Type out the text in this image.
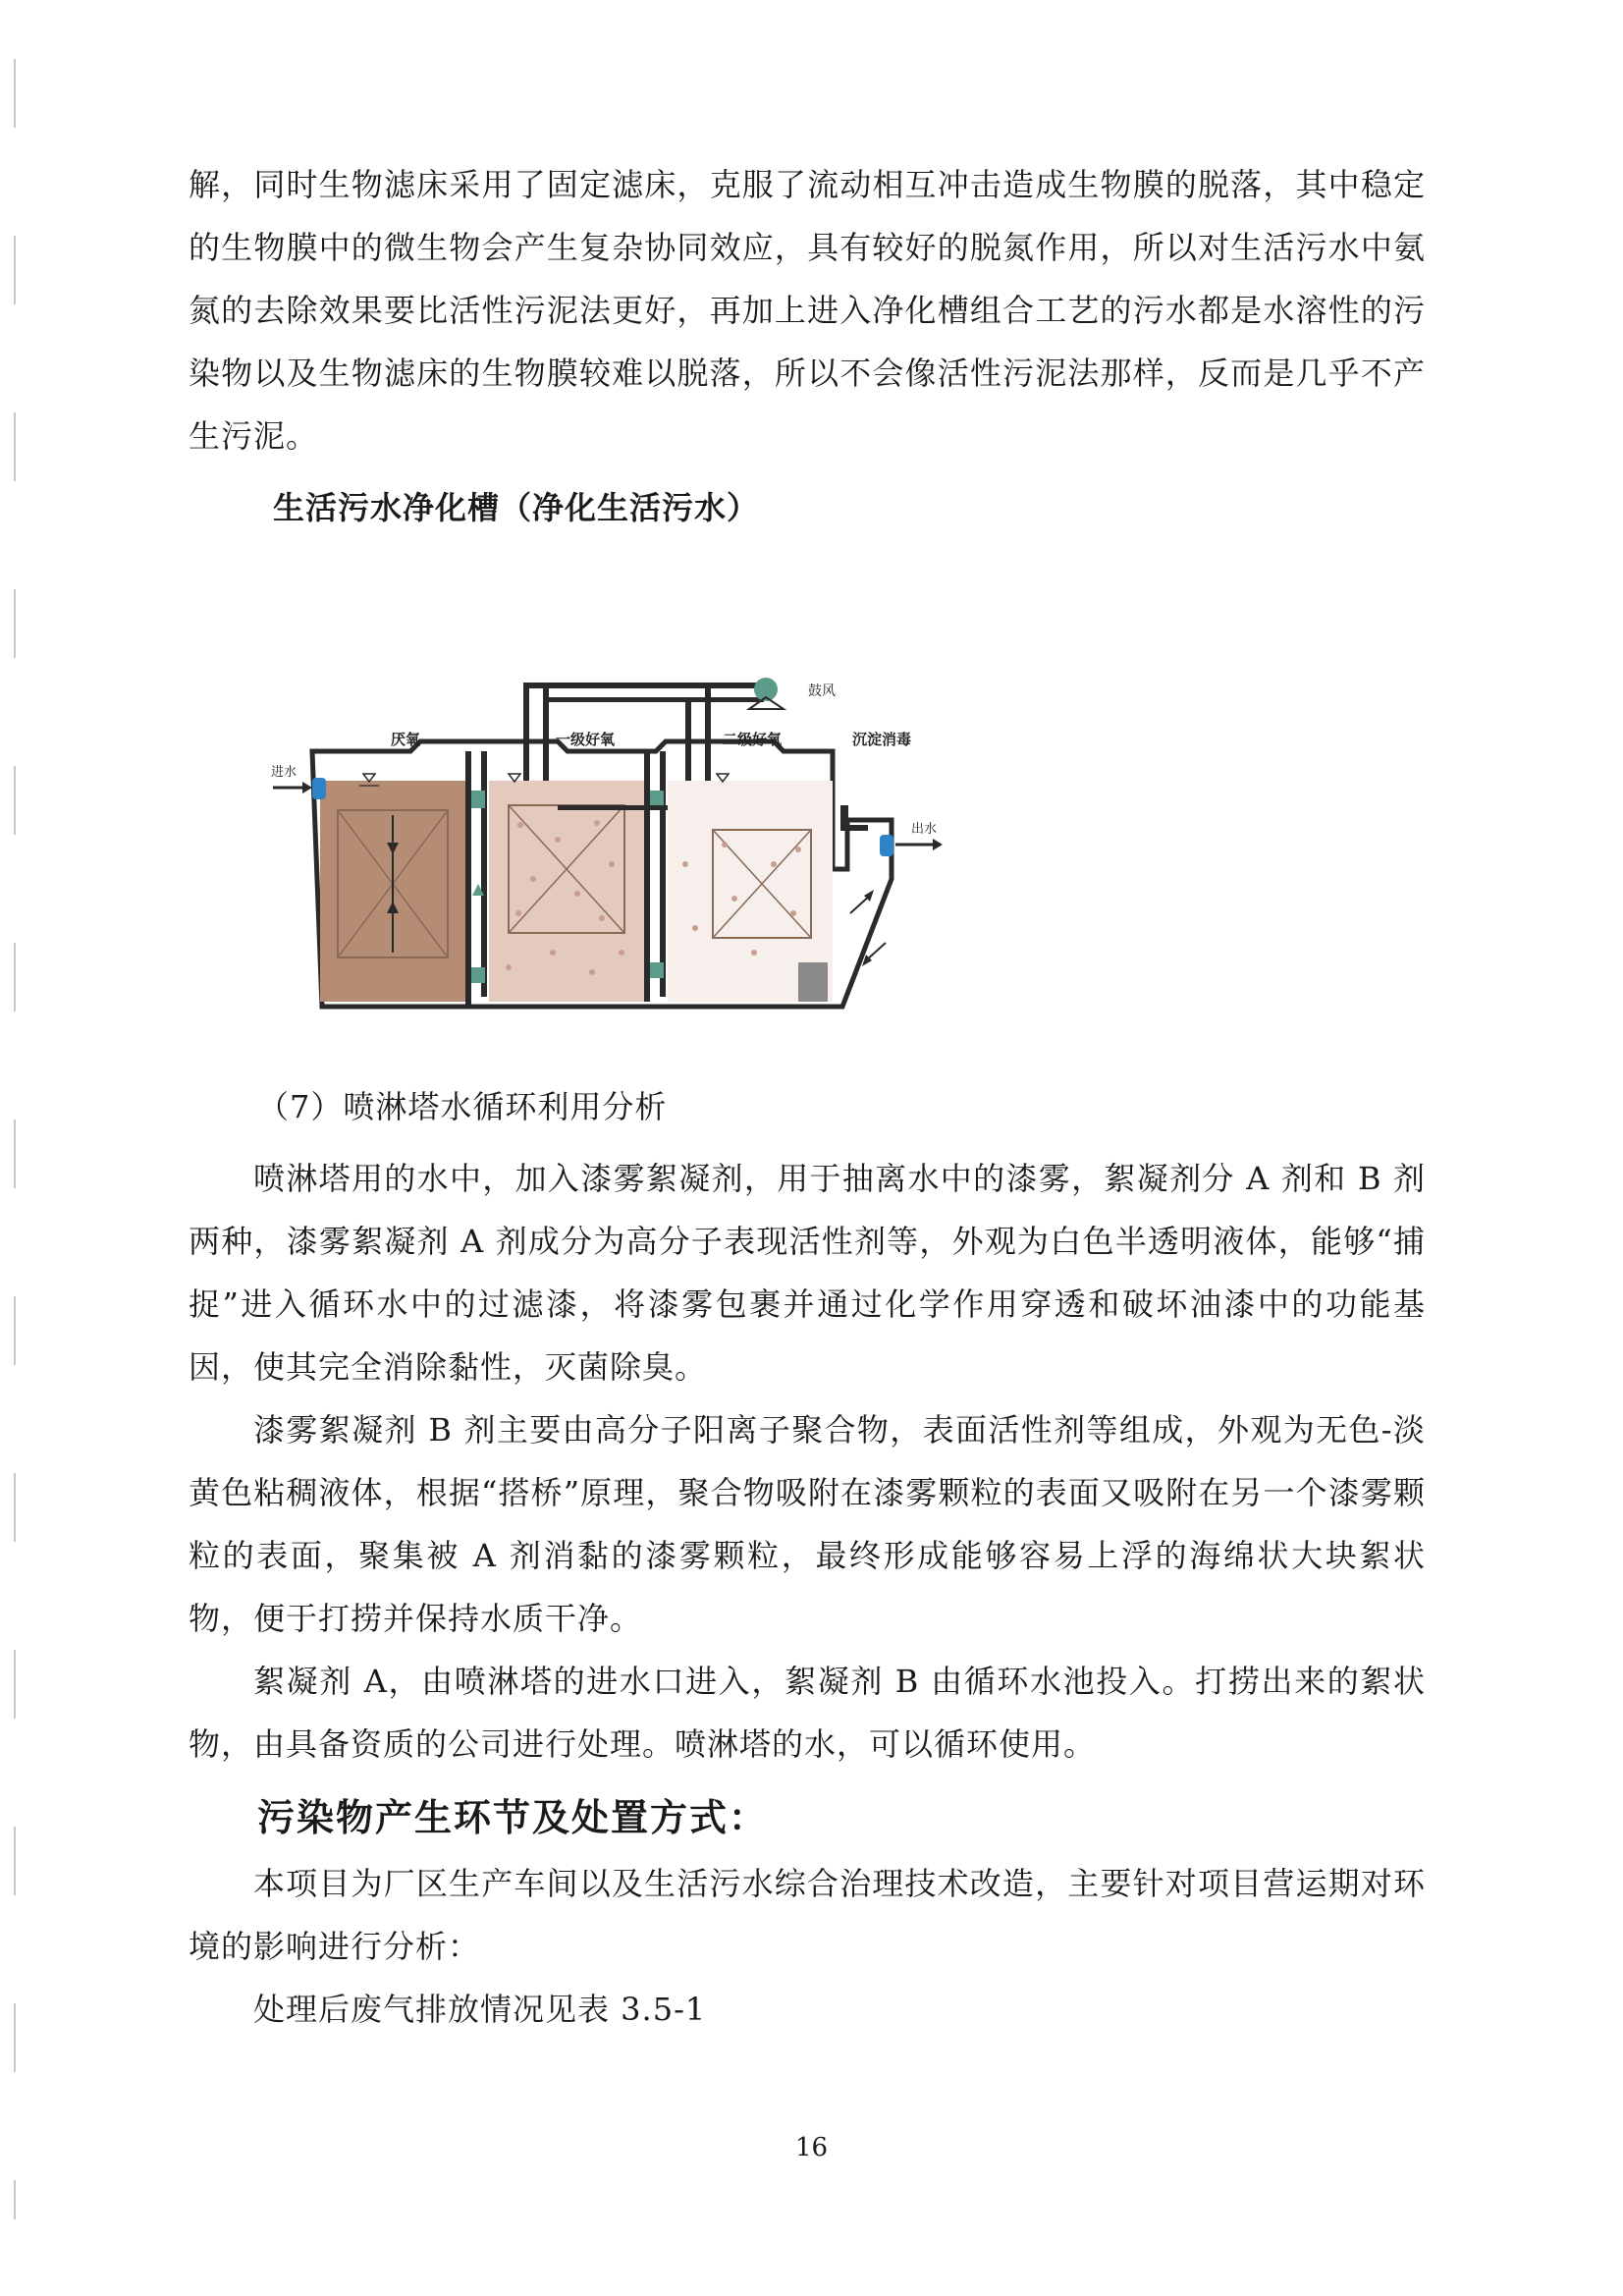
解，同时生物滤床采用了固定滤床，克服了流动相互冲击造成生物膜的脱落，其中稳定的生物膜中的微生物会产生复杂协同效应，具有较好的脱氮作用，所以对生活污水中氨氮的去除效果要比活性污泥法更好，再加上进入净化槽组合工艺的污水都是水溶性的污染物以及生物滤床的生物膜较难以脱落，所以不会像活性污泥法那样，反而是几乎不产生污泥。

生活污水净化槽（净化生活污水）
鼓风
进水
出水
厌氧	一级好氧	二级好氧	沉淀消毒
（7）喷淋塔水循环利用分析

喷淋塔用的水中，加入漆雾絮凝剂，用于抽离水中的漆雾，絮凝剂分 A 剂和 B 剂两种，漆雾絮凝剂 A 剂成分为高分子表现活性剂等，外观为白色半透明液体，能够“捕捉”进入循环水中的过滤漆，将漆雾包裹并通过化学作用穿透和破坏油漆中的功能基因，使其完全消除黏性，灭菌除臭。

漆雾絮凝剂 B 剂主要由高分子阳离子聚合物，表面活性剂等组成，外观为无色-淡黄色粘稠液体，根据“搭桥”原理，聚合物吸附在漆雾颗粒的表面又吸附在另一个漆雾颗粒的表面，聚集被 A 剂消黏的漆雾颗粒，最终形成能够容易上浮的海绵状大块絮状物，便于打捞并保持水质干净。

絮凝剂 A，由喷淋塔的进水口进入，絮凝剂 B 由循环水池投入。打捞出来的絮状物，由具备资质的公司进行处理。喷淋塔的水，可以循环使用。

污染物产生环节及处置方式：

本项目为厂区生产车间以及生活污水综合治理技术改造，主要针对项目营运期对环境的影响进行分析：

处理后废气排放情况见表 3.5-1

16
